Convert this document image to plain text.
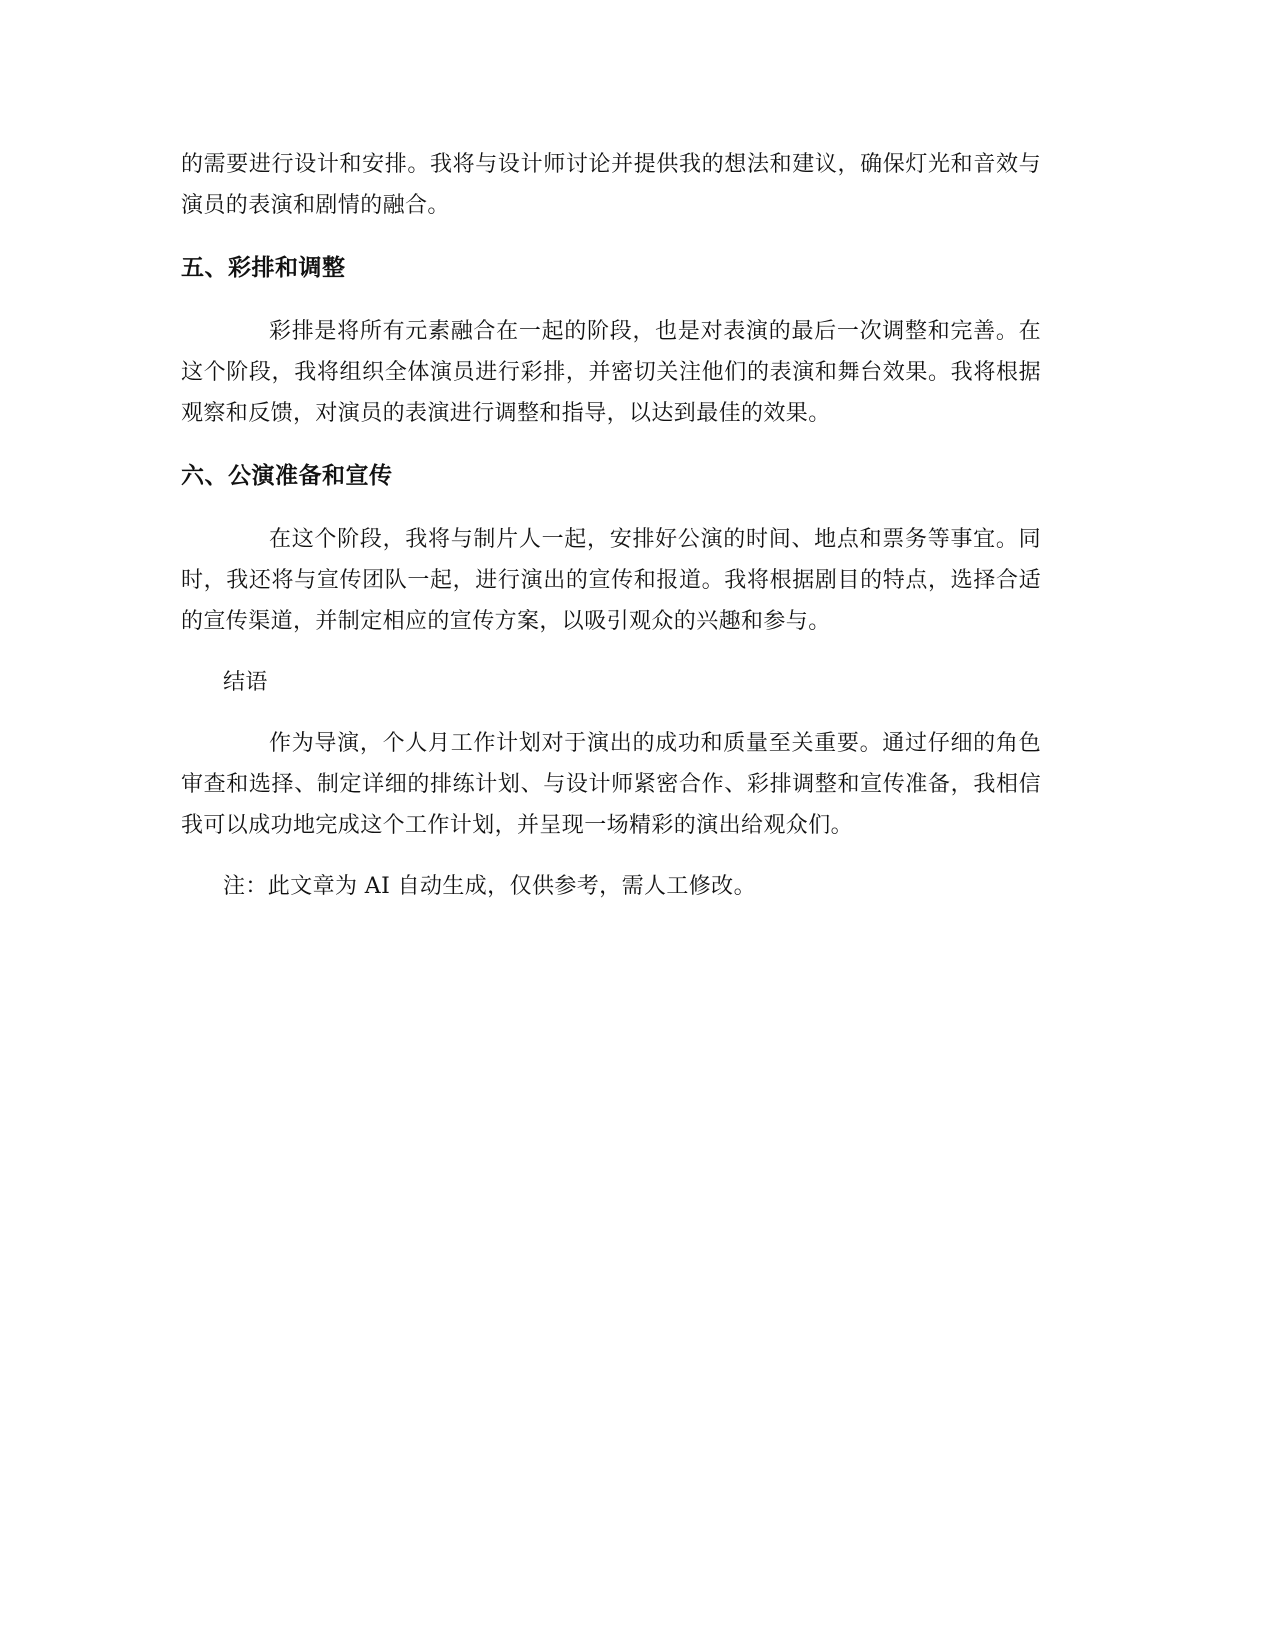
的需要进行设计和安排。我将与设计师讨论并提供我的想法和建议，确保灯光和音效与演员的表演和剧情的融合。

五、彩排和调整

彩排是将所有元素融合在一起的阶段，也是对表演的最后一次调整和完善。在这个阶段，我将组织全体演员进行彩排，并密切关注他们的表演和舞台效果。我将根据观察和反馈，对演员的表演进行调整和指导，以达到最佳的效果。

六、公演准备和宣传

在这个阶段，我将与制片人一起，安排好公演的时间、地点和票务等事宜。同时，我还将与宣传团队一起，进行演出的宣传和报道。我将根据剧目的特点，选择合适的宣传渠道，并制定相应的宣传方案，以吸引观众的兴趣和参与。

结语

作为导演，个人月工作计划对于演出的成功和质量至关重要。通过仔细的角色审查和选择、制定详细的排练计划、与设计师紧密合作、彩排调整和宣传准备，我相信我可以成功地完成这个工作计划，并呈现一场精彩的演出给观众们。

注：此文章为 AI 自动生成，仅供参考，需人工修改。
